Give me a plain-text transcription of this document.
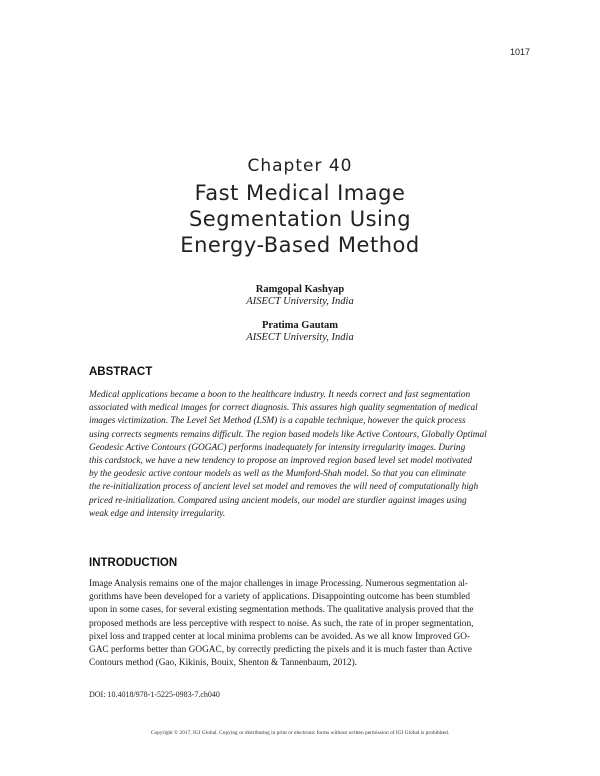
1017
Chapter 40
Fast Medical Image
Segmentation Using
Energy-Based Method
Ramgopal Kashyap
AISECT University, India
Pratima Gautam
AISECT University, India
ABSTRACT
Medical applications became a boon to the healthcare industry. It needs correct and fast segmentation
associated with medical images for correct diagnosis. This assures high quality segmentation of medical
images victimization. The Level Set Method (LSM) is a capable technique, however the quick process
using corrects segments remains difficult. The region based models like Active Contours, Globally Optimal
Geodesic Active Contours (GOGAC) performs inadequately for intensity irregularity images. During
this cardstock, we have a new tendency to propose an improved region based level set model motivated
by the geodesic active contour models as well as the Mumford-Shah model. So that you can eliminate
the re-initialization process of ancient level set model and removes the will need of computationally high
priced re-initialization. Compared using ancient models, our model are sturdier against images using
weak edge and intensity irregularity.
INTRODUCTION
Image Analysis remains one of the major challenges in image Processing. Numerous segmentation al-
gorithms have been developed for a variety of applications. Disappointing outcome has been stumbled
upon in some cases, for several existing segmentation methods. The qualitative analysis proved that the
proposed methods are less perceptive with respect to noise. As such, the rate of in proper segmentation,
pixel loss and trapped center at local minima problems can be avoided. As we all know Improved GO-
GAC performs better than GOGAC, by correctly predicting the pixels and it is much faster than Active
Contours method (Gao, Kikinis, Bouix, Shenton & Tannenbaum, 2012).
DOI: 10.4018/978-1-5225-0983-7.ch040
Copyright © 2017, IGI Global. Copying or distributing in print or electronic forms without written permission of IGI Global is prohibited.
